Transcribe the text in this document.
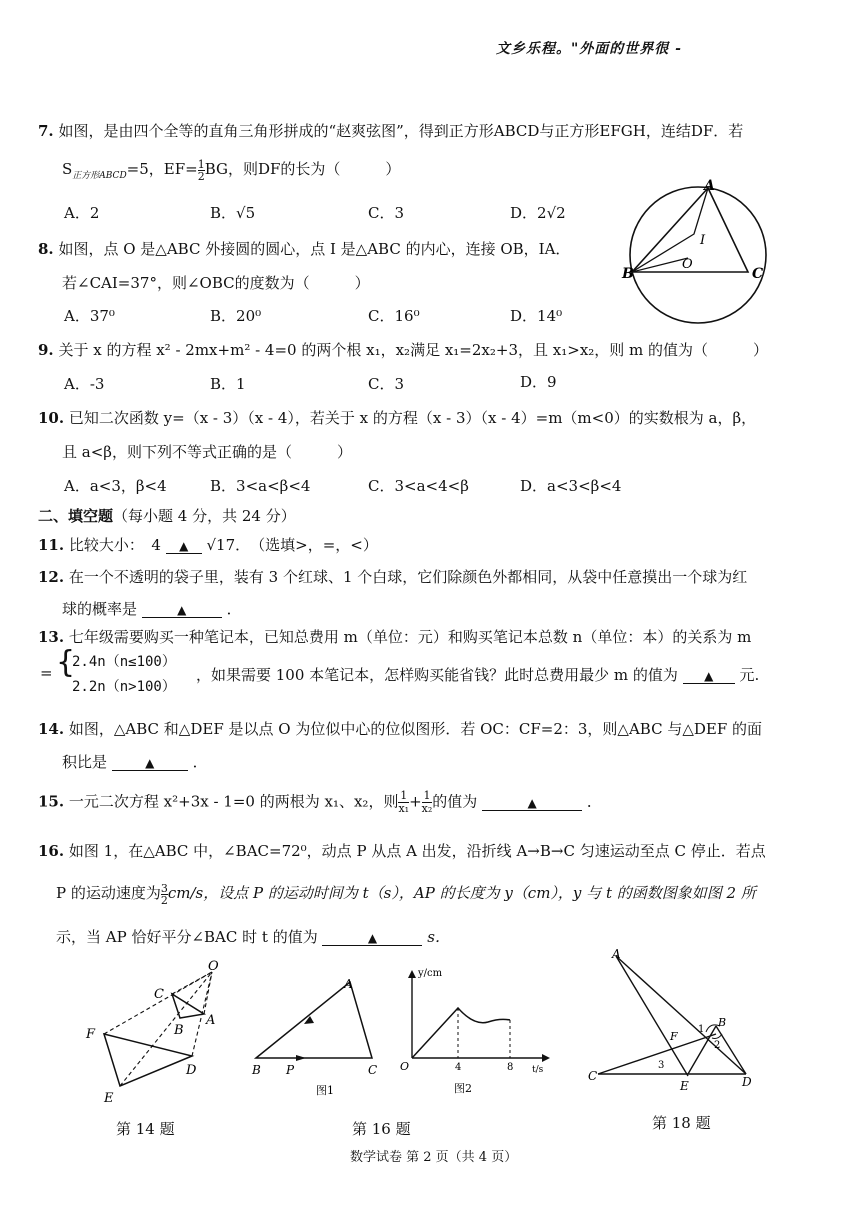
文乡乐程。"外面的世界很 -
7. 如图，是由四个全等的直角三角形拼成的“赵爽弦图”，得到正方形ABCD与正方形EFGH，连结DF．若
$S_{正方形ABCD}=5$，$EF= \frac{1}{2}$ BG，则DF的长为（　　　）
A．2	B．√5	C．3	D．2√2
A
I
O
B	C
8. 如图，点 O 是△ABC 外接圆的圆心，点 I 是△ABC 的内心，连接 OB，IA．
若∠CAI=37°，则∠OBC的度数为（　　　）
A．37⁰	B．20⁰	C．16⁰	D．14⁰
9. 关于 x 的方程 x² - 2mx+m² - 4=0 的两个根 x₁，x₂满足 x₁=2x₂+3，且 x₁>x₂，则 m 的值为（　　　）
A．-3	B．1	C．3	D．9
10. 已知二次函数 y=（x - 3）（x - 4），若关于 x 的方程（x - 3）（x - 4）=m（m<0）的实数根为 a，β，
且 a<β，则下列不等式正确的是（　　　）
A．a<3，β<4	B．3<a<β<4	C．3<a<4<β	D．a<3<β<4
二、填空题（每小题 4 分，共 24 分）
11. 比较大小：　4 ▲ √17．　（选填>，=，<）
12. 在一个不透明的袋子里，装有 3 个红球、1 个白球，它们除颜色外都相同，从袋中任意摸出一个球为红
球的概率是	▲	．
13. 七年级需要购买一种笔记本，已知总费用 m（单位：元）和购买笔记本总数 n（单位：本）的关系为 m
= {
2.4n（n≤100）
2.2n（n>100）
，如果需要 100 本笔记本，怎样购买能省钱？此时总费用最少 m 的值为 ▲ 元.
14. 如图，△ABC 和△DEF 是以点 O 为位似中心的位似图形．若 OC：CF=2：3，则△ABC 与△DEF 的面
积比是	▲	．
15. 一元二次方程 x²+3x - 1=0 的两根为 x₁、x₂，则 $\frac{1}{\text{x₁}} + \frac{1}{\text{x₂}}$ 的值为	▲	．
16. 如图 1，在△ABC 中，∠BAC=72⁰，动点 P 从点 A 出发，沿折线 A→B→C 匀速运动至点 C 停止．若点
P 的运动速度为 $\frac{3}{2} cm/s$，设点 P 的运动时间为 t（s），AP 的长度为 y（cm），y 与 t 的函数图象如图 2 所
示，当 AP 恰好平分∠BAC 时 t 的值为	▲	s．
O
C
B
A
F
E
D
第 14 题
A
B P	C
图1
y/cm
O	4	8 t/s
图2
第 16 题
A
B
1
2
F
3
C
E	D
第 18 题
数学试卷 第 2 页（共 4 页）
